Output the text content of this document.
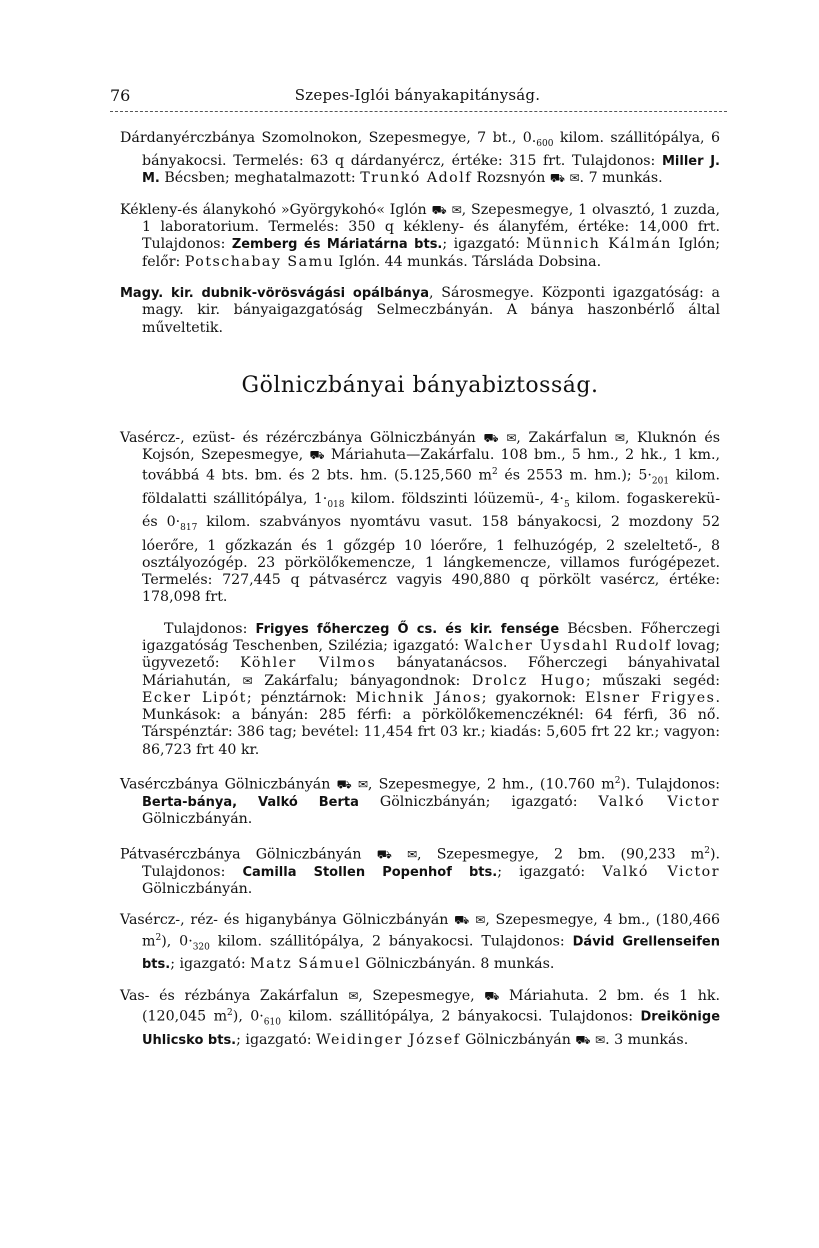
76	Szepes-Iglói bányakapitányság.

Dárdanyérczbánya Szomolnokon, Szepesmegye, 7 bt., $0._{600}$ kilom. szállitópálya, 6 bányakocsi. Termelés: 63 q dárdanyércz, értéke: 315 frt. Tulajdonos: Miller J. M. Bécsben; meghatalmazott: Trunkó Adolf Rozsnyón ⛟ ✉. 7 munkás.

Kékleny-és álanykohó »Györgykohó« Iglón ⛟ ✉, Szepesmegye, 1 olvasztó, 1 zuzda, 1 laboratorium. Termelés: 350 q kékleny- és álanyfém, értéke: 14,000 frt. Tulajdonos: Zemberg és Máriatárna bts.; igazgató: Münnich Kálmán Iglón; felőr: Potschabay Samu Iglón. 44 munkás. Társláda Dobsina.

Magy. kir. dubnik-vörösvágási opálbánya, Sárosmegye. Központi igazgatóság: a magy. kir. bányaigazgatóság Selmeczbányán. A bánya haszonbérlő által műveltetik.

Gölniczbányai bányabiztosság.

Vasércz-, ezüst- és rézérczbánya Gölniczbányán ⛟ ✉, Zakárfalun ✉, Kluknón és Kojsón, Szepesmegye, ⛟ Máriahuta—Zakárfalu. 108 bm., 5 hm., 2 hk., 1 km., továbbá 4 bts. bm. és 2 bts. hm. (5.125,560 $m^2$ és 2553 m. hm.); $5\cdot_{201}$ kilom. földalatti szállitópálya, $1\cdot_{018}$ kilom. földszinti lóüzemü-, $4\cdot_5$ kilom. fogaskerekü- és $0\cdot_{817}$ kilom. szabványos nyomtávu vasut. 158 bányakocsi, 2 mozdony 52 lóerőre, 1 gőzkazán és 1 gőzgép 10 lóerőre, 1 felhuzógép, 2 szeleltető-, 8 osztályozógép. 23 pörkölőkemencze, 1 lángkemencze, villamos furógépezet. Termelés: 727,445 q pátvasércz vagyis 490,880 q pörkölt vasércz, értéke: 178,098 frt.

Tulajdonos: Frigyes főherczeg Ő cs. és kir. fensége Bécsben. Főherczegi igazgatóság Teschenben, Szilézia; igazgató: Walcher Uysdahl Rudolf lovag; ügyvezető: Köhler Vilmos bányatanácsos. Főherczegi bányahivatal Máriahután, ✉ Zakárfalu; bányagondnok: Drolcz Hugo; műszaki segéd: Ecker Lipót; pénztárnok: Michnik János; gyakornok: Elsner Frigyes. Munkások: a bányán: 285 férfi: a pörkölőkemenczéknél: 64 férfi, 36 nő. Társpénztár: 386 tag; bevétel: 11,454 frt 03 kr.; kiadás: 5,605 frt 22 kr.; vagyon: 86,723 frt 40 kr.

Vasérczbánya Gölniczbányán ⛟ ✉, Szepesmegye, 2 hm., (10.760 $m^2$). Tulajdonos: Berta-bánya, Valkó Berta Gölniczbányán; igazgató: Valkó Victor Gölniczbányán.

Pátvasérczbánya Gölniczbányán ⛟ ✉, Szepesmegye, 2 bm. (90,233 $m^2$). Tulajdonos: Camilla Stollen Popenhof bts.; igazgató: Valkó Victor Gölniczbányán.

Vasércz-, réz- és higanybánya Gölniczbányán ⛟ ✉, Szepesmegye, 4 bm., (180,466 $m^2$), $0\cdot_{320}$ kilom. szállitópálya, 2 bányakocsi. Tulajdonos: Dávid Grellenseifen bts.; igazgató: Matz Sámuel Gölniczbányán. 8 munkás.

Vas- és rézbánya Zakárfalun ✉, Szepesmegye, ⛟ Máriahuta. 2 bm. és 1 hk. (120,045 $m^2$), $0\cdot_{610}$ kilom. szállitópálya, 2 bányakocsi. Tulajdonos: Dreikönige Uhlicsko bts.; igazgató: Weidinger József Gölniczbányán ⛟ ✉. 3 munkás.
